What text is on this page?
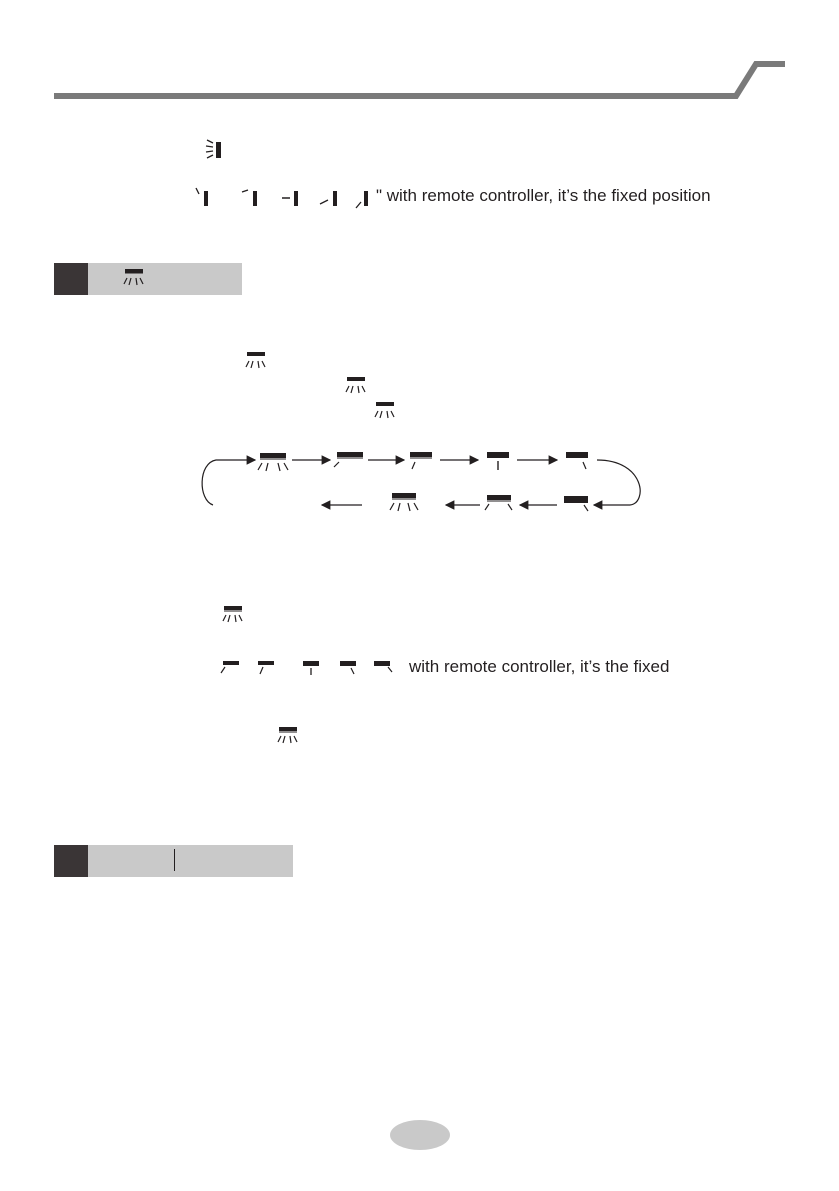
" with remote controller, it’s the fixed position
with remote controller, it’s the fixed
